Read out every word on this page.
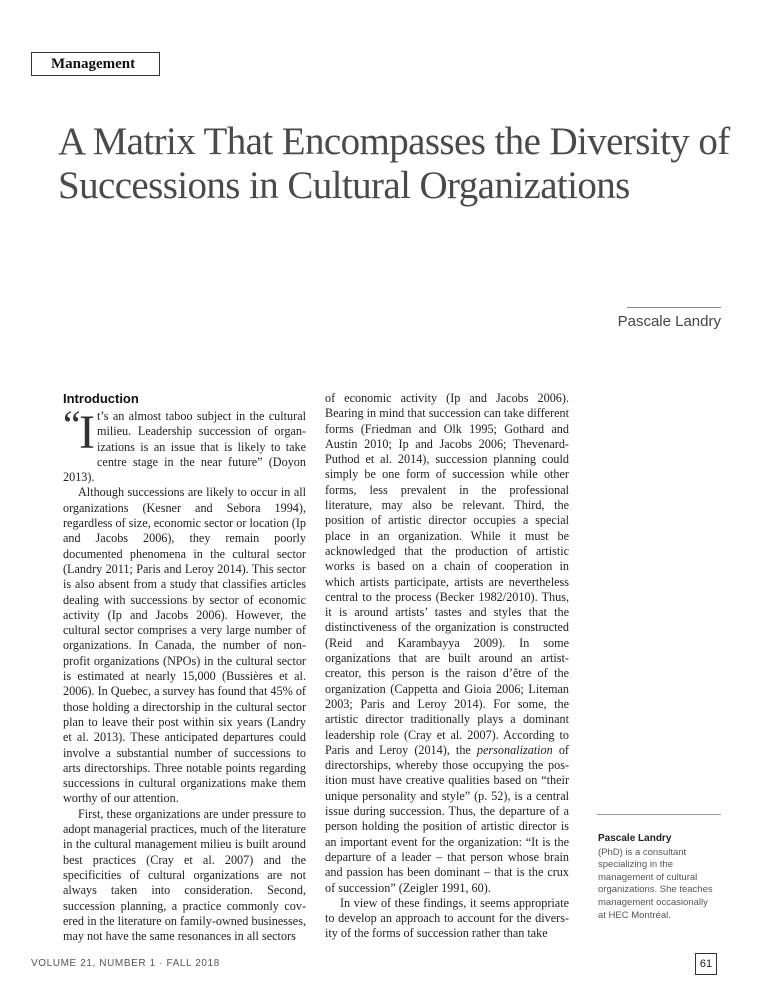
Management
A Matrix That Encompasses the Diversity of
Successions in Cultural Organizations
Pascale Landry
Introduction

“
I t’s an almost taboo subject in the cultural milieu. Leadership succession of organizations is an issue that is likely to take centre stage in the near future” (Doyon 2013).

Although successions are likely to occur in all organizations (Kesner and Sebora 1994), regardless of size, economic sector or location (Ip and Jacobs 2006), they remain poorly documented phenomena in the cultural sector (Landry 2011; Paris and Leroy 2014). This sector is also absent from a study that classifies articles dealing with successions by sector of economic activity (Ip and Jacobs 2006). However, the cultural sector comprises a very large number of organizations. In Canada, the number of non-profit organizations (NPOs) in the cultural sector is estimated at nearly 15,000 (Bussières et al. 2006). In Quebec, a survey has found that 45% of those holding a directorship in the cultural sector plan to leave their post within six years (Landry et al. 2013). These anticipated departures could involve a substantial number of successions to arts directorships. Three notable points regarding successions in cultural organizations make them worthy of our attention.

First, these organizations are under pressure to adopt managerial practices, much of the literature in the cultural management milieu is built around best practices (Cray et al. 2007) and the specificities of cultural organizations are not always taken into consideration. Second, succession planning, a practice commonly covered in the literature on family-owned businesses, may not have the same resonances in all sectors

of economic activity (Ip and Jacobs 2006). Bearing in mind that succession can take different forms (Friedman and Olk 1995; Gothard and Austin 2010; Ip and Jacobs 2006; Thevenard-Puthod et al. 2014), succession planning could simply be one form of succession while other forms, less prevalent in the professional literature, may also be relevant. Third, the position of artistic director occupies a special place in an organization. While it must be acknowledged that the production of artistic works is based on a chain of cooperation in which artists participate, artists are nevertheless central to the process (Becker 1982/2010). Thus, it is around artists’ tastes and styles that the distinctiveness of the organization is constructed (Reid and Karambayya 2009). In some organizations that are built around an artist-creator, this person is the raison d’être of the organization (Cappetta and Gioia 2006; Liteman 2003; Paris and Leroy 2014). For some, the artistic director traditionally plays a dominant leadership role (Cray et al. 2007). According to Paris and Leroy (2014), the personalization of directorships, whereby those occupying the position must have creative qualities based on “their unique personality and style” (p. 52), is a central issue during succession. Thus, the departure of a person holding the position of artistic director is an important event for the organization: “It is the departure of a leader – that person whose brain and passion has been dominant – that is the crux of succession” (Zeigler 1991, 60).

In view of these findings, it seems appropriate to develop an approach to account for the diversity of the forms of succession rather than take

Pascale Landry
(PhD) is a consultant specializing in the management of cultural organizations. She teaches management occasionally at HEC Montréal.
VOLUME 21, NUMBER 1 · FALL 2018	61
